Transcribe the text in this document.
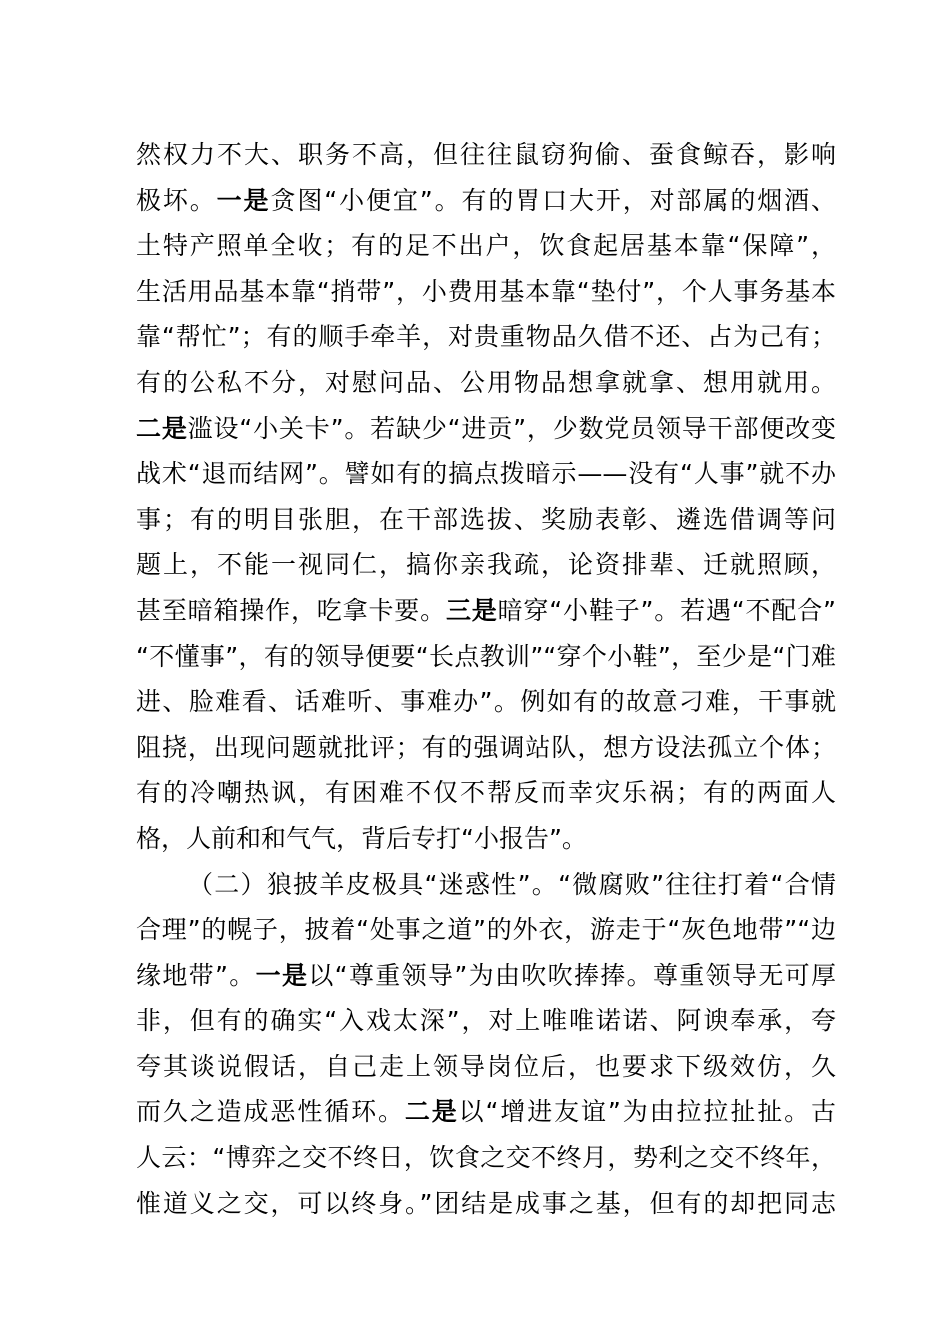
然权力不大、职务不高，但往往鼠窃狗偷、蚕食鲸吞，影响
极坏。一是贪图“小便宜”。有的胃口大开，对部属的烟酒、
土特产照单全收；有的足不出户，饮食起居基本靠“保障”，
生活用品基本靠“捎带”，小费用基本靠“垫付”，个人事务基本
靠“帮忙”；有的顺手牵羊，对贵重物品久借不还、占为己有；
有的公私不分，对慰问品、公用物品想拿就拿、想用就用。
二是滥设“小关卡”。若缺少“进贡”，少数党员领导干部便改变
战术“退而结网”。譬如有的搞点拨暗示——没有“人事”就不办
事；有的明目张胆，在干部选拔、奖励表彰、遴选借调等问
题上，不能一视同仁，搞你亲我疏，论资排辈、迁就照顾，
甚至暗箱操作，吃拿卡要。三是暗穿“小鞋子”。若遇“不配合”
“不懂事”，有的领导便要“长点教训”“穿个小鞋”，至少是“门难
进、脸难看、话难听、事难办”。例如有的故意刁难，干事就
阻挠，出现问题就批评；有的强调站队，想方设法孤立个体；
有的冷嘲热讽，有困难不仅不帮反而幸灾乐祸；有的两面人
格，人前和和气气，背后专打“小报告”。
（二）狼披羊皮极具“迷惑性”。“微腐败”往往打着“合情
合理”的幌子，披着“处事之道”的外衣，游走于“灰色地带”“边
缘地带”。一是以“尊重领导”为由吹吹捧捧。尊重领导无可厚
非，但有的确实“入戏太深”，对上唯唯诺诺、阿谀奉承，夸
夸其谈说假话，自己走上领导岗位后，也要求下级效仿，久
而久之造成恶性循环。二是以“增进友谊”为由拉拉扯扯。古
人云：“博弈之交不终日，饮食之交不终月，势利之交不终年，
惟道义之交，可以终身。”团结是成事之基，但有的却把同志
